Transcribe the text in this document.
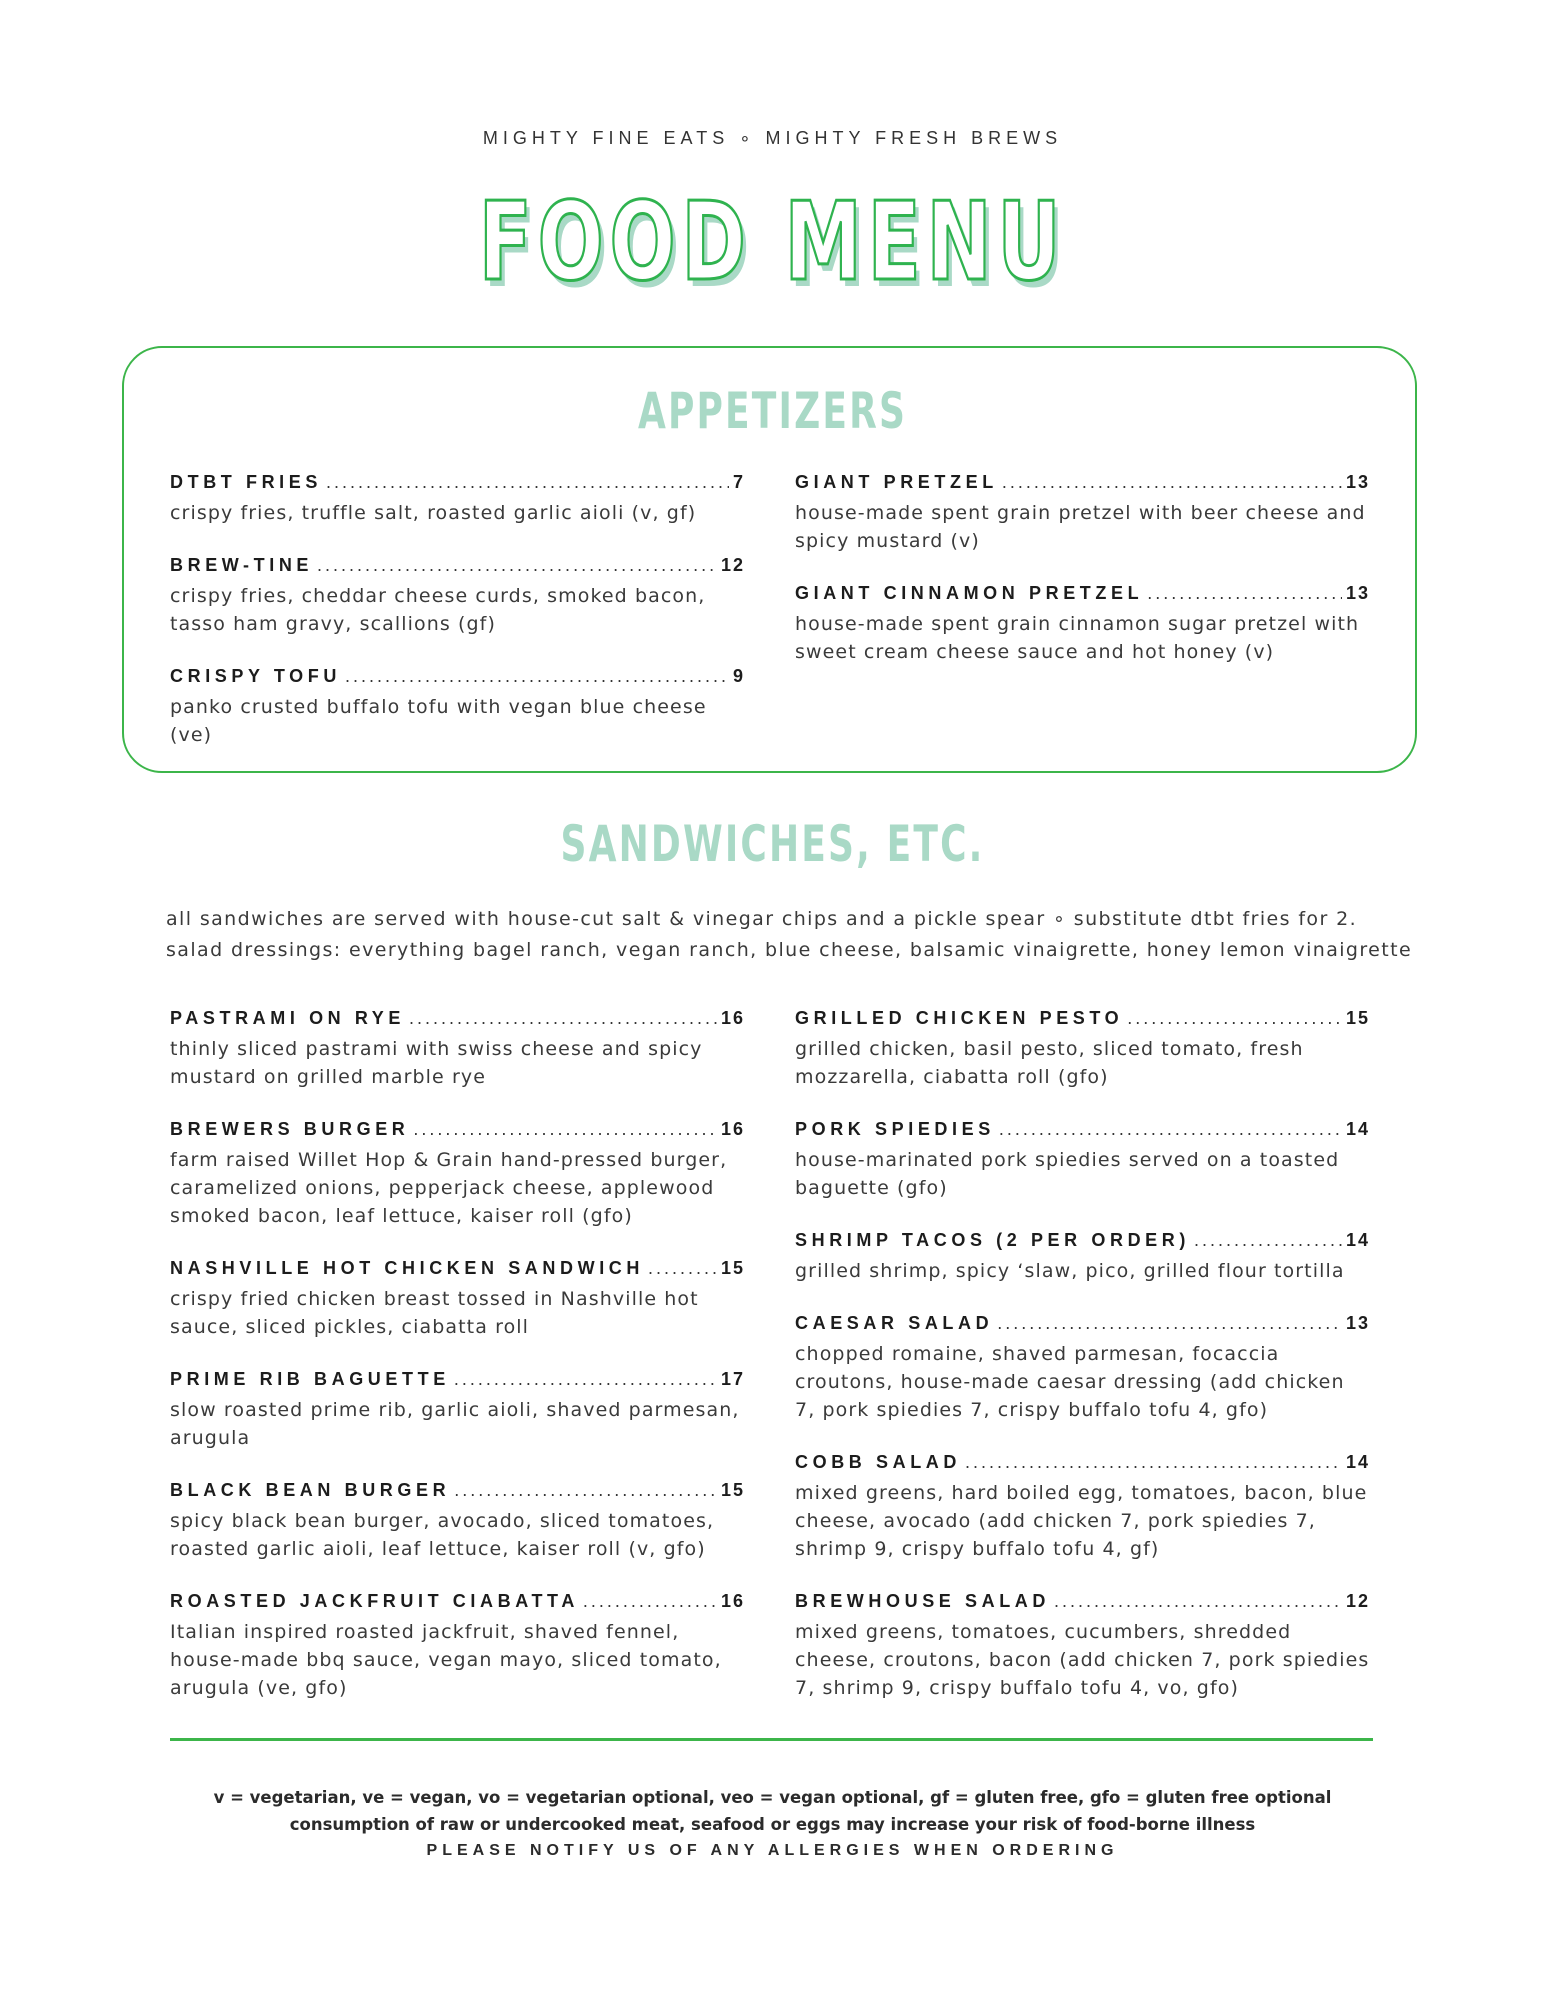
MIGHTY FINE EATS ∘ MIGHTY FRESH BREWS
FOOD MENU
APPETIZERS
DTBT FRIES .....	7
crispy fries, truffle salt, roasted garlic aioli (v, gf)
BREW-TINE .....	12
crispy fries, cheddar cheese curds, smoked bacon, tasso ham gravy, scallions (gf)
CRISPY TOFU .....	9
panko crusted buffalo tofu with vegan blue cheese (ve)
GIANT PRETZEL .....	13
house-made spent grain pretzel with beer cheese and spicy mustard (v)
GIANT CINNAMON PRETZEL .....	13
house-made spent grain cinnamon sugar pretzel with sweet cream cheese sauce and hot honey (v)
SANDWICHES, ETC.
all sandwiches are served with house-cut salt & vinegar chips and a pickle spear ∘ substitute dtbt fries for 2.
salad dressings: everything bagel ranch, vegan ranch, blue cheese, balsamic vinaigrette, honey lemon vinaigrette
PASTRAMI ON RYE .....	16
thinly sliced pastrami with swiss cheese and spicy mustard on grilled marble rye
BREWERS BURGER .....	16
farm raised Willet Hop & Grain hand-pressed burger, caramelized onions, pepperjack cheese, applewood smoked bacon, leaf lettuce, kaiser roll (gfo)
NASHVILLE HOT CHICKEN SANDWICH .....	15
crispy fried chicken breast tossed in Nashville hot sauce, sliced pickles, ciabatta roll
PRIME RIB BAGUETTE .....	17
slow roasted prime rib, garlic aioli, shaved parmesan, arugula
BLACK BEAN BURGER .....	15
spicy black bean burger, avocado, sliced tomatoes, roasted garlic aioli, leaf lettuce, kaiser roll (v, gfo)
ROASTED JACKFRUIT CIABATTA .....	16
Italian inspired roasted jackfruit, shaved fennel, house-made bbq sauce, vegan mayo, sliced tomato, arugula (ve, gfo)
GRILLED CHICKEN PESTO .....	15
grilled chicken, basil pesto, sliced tomato, fresh mozzarella, ciabatta roll (gfo)
PORK SPIEDIES .....	14
house-marinated pork spiedies served on a toasted baguette (gfo)
SHRIMP TACOS (2 PER ORDER) .....	14
grilled shrimp, spicy ‘slaw, pico, grilled flour tortilla
CAESAR SALAD .....	13
chopped romaine, shaved parmesan, focaccia croutons, house-made caesar dressing (add chicken 7, pork spiedies 7, crispy buffalo tofu 4, gfo)
COBB SALAD .....	14
mixed greens, hard boiled egg, tomatoes, bacon, blue cheese, avocado (add chicken 7, pork spiedies 7, shrimp 9, crispy buffalo tofu 4, gf)
BREWHOUSE SALAD .....	12
mixed greens, tomatoes, cucumbers, shredded cheese, croutons, bacon (add chicken 7, pork spiedies 7, shrimp 9, crispy buffalo tofu 4, vo, gfo)
v = vegetarian, ve = vegan, vo = vegetarian optional, veo = vegan optional, gf = gluten free, gfo = gluten free optional
consumption of raw or undercooked meat, seafood or eggs may increase your risk of food-borne illness
PLEASE NOTIFY US OF ANY ALLERGIES WHEN ORDERING
